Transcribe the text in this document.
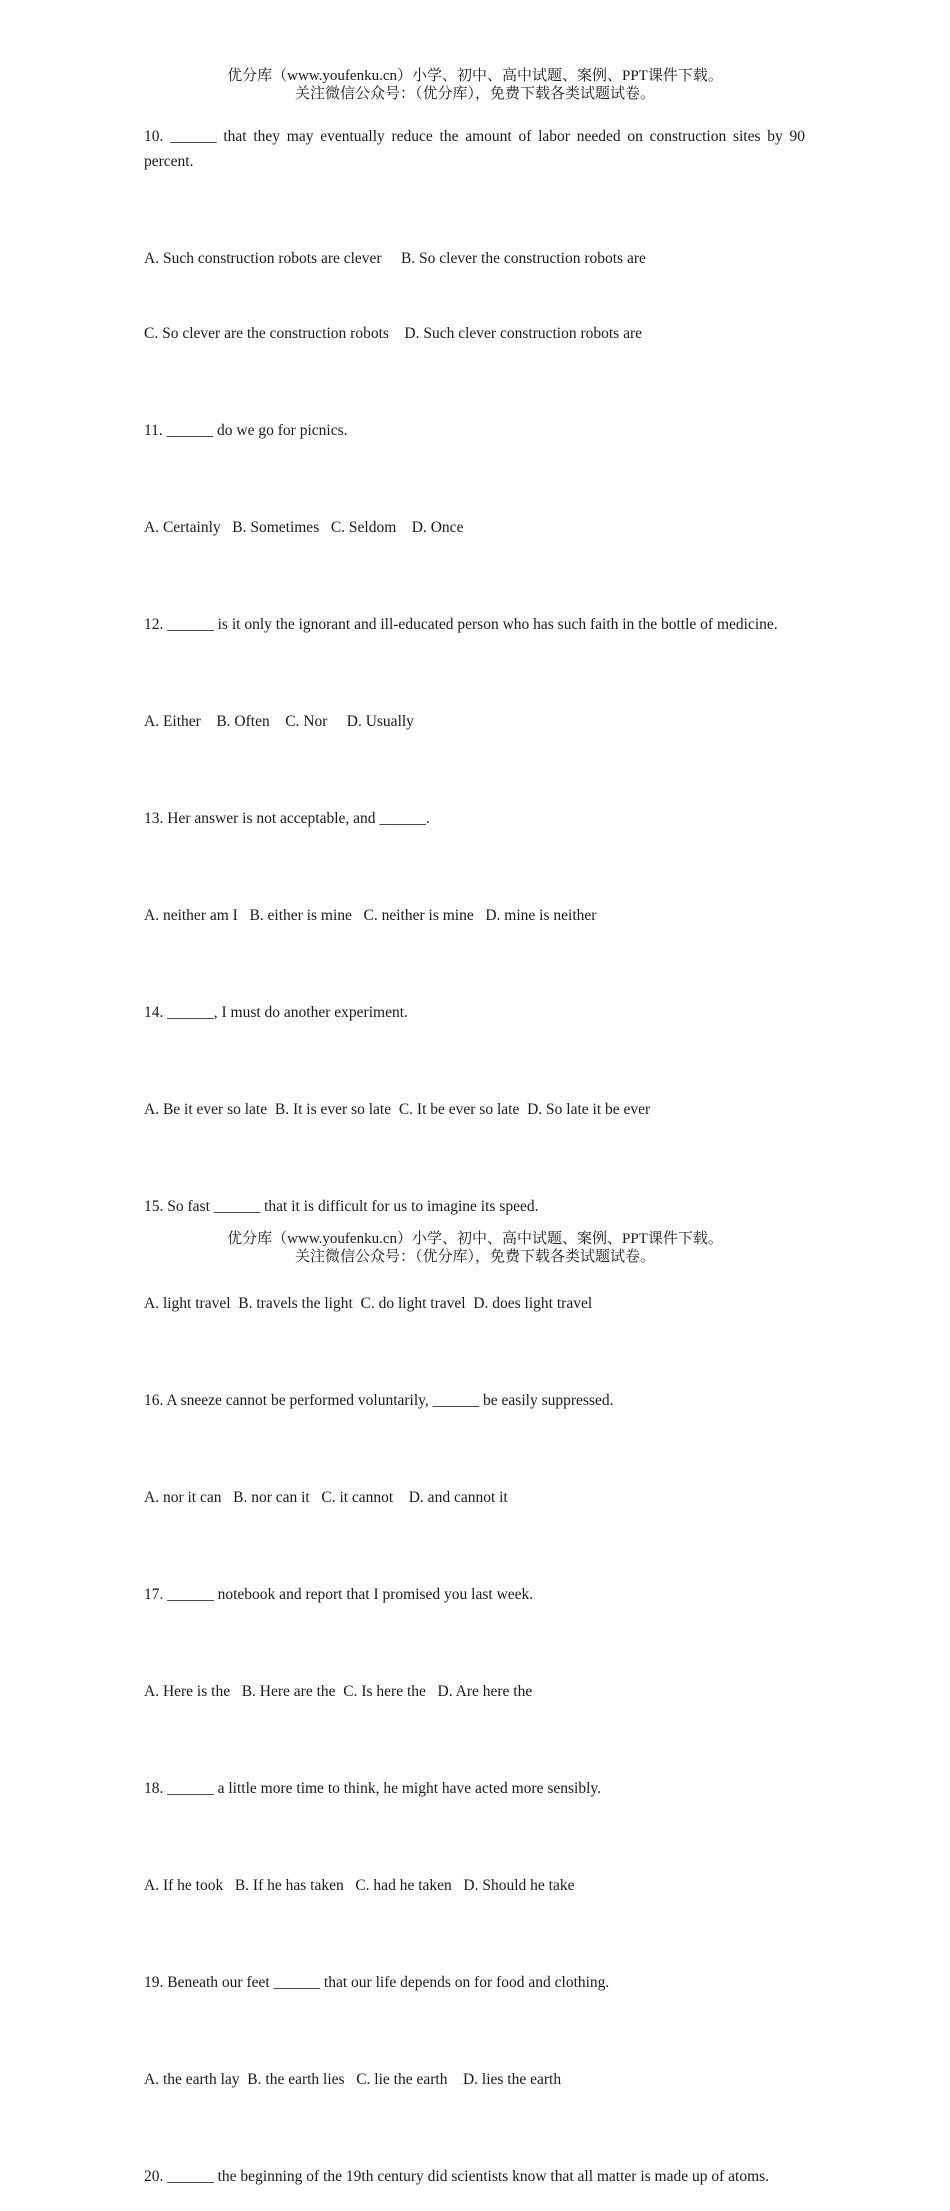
优分库（www.youfenku.cn）小学、初中、高中试题、案例、PPT课件下载。
关注微信公众号：（优分库），免费下载各类试题试卷。

10. ______ that they may eventually reduce the amount of labor needed on construction sites by 90 percent.

A. Such construction robots are clever     B. So clever the construction robots are

C. So clever are the construction robots    D. Such clever construction robots are

11. ______ do we go for picnics.

A. Certainly   B. Sometimes   C. Seldom    D. Once

12. ______ is it only the ignorant and ill-educated person who has such faith in the bottle of medicine.

A. Either    B. Often    C. Nor     D. Usually

13. Her answer is not acceptable, and ______.

A. neither am I   B. either is mine   C. neither is mine   D. mine is neither

14. ______, I must do another experiment.

A. Be it ever so late  B. It is ever so late  C. It be ever so late  D. So late it be ever

15. So fast ______ that it is difficult for us to imagine its speed.

A. light travel  B. travels the light  C. do light travel  D. does light travel

16. A sneeze cannot be performed voluntarily, ______ be easily suppressed.

A. nor it can   B. nor can it   C. it cannot    D. and cannot it

17. ______ notebook and report that I promised you last week.

A. Here is the   B. Here are the  C. Is here the   D. Are here the

18. ______ a little more time to think, he might have acted more sensibly.

A. If he took   B. If he has taken   C. had he taken   D. Should he take

19. Beneath our feet ______ that our life depends on for food and clothing.

A. the earth lay  B. the earth lies   C. lie the earth    D. lies the earth

20. ______ the beginning of the 19th century did scientists know that all matter is made up of atoms.

优分库（www.youfenku.cn）小学、初中、高中试题、案例、PPT课件下载。
关注微信公众号：（优分库），免费下载各类试题试卷。
